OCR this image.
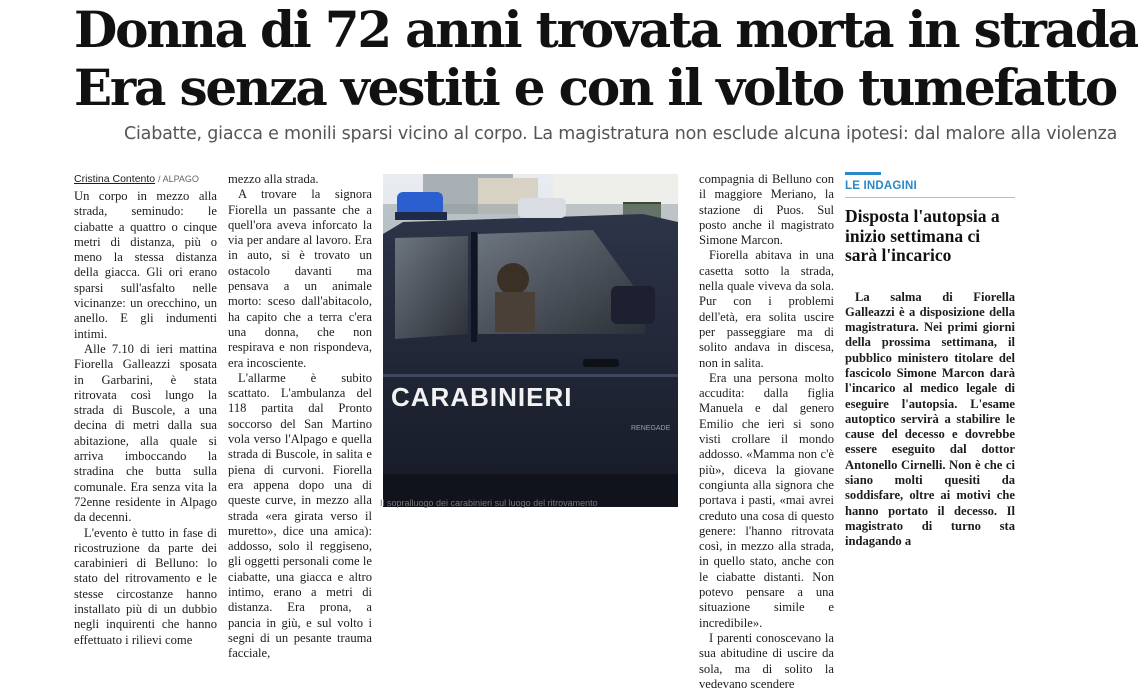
Donna di 72 anni trovata morta in strada
Era senza vestiti e con il volto tumefatto
Ciabatte, giacca e monili sparsi vicino al corpo. La magistratura non esclude alcuna ipotesi: dal malore alla violenza
Cristina Contento / ALPAGO

Un corpo in mezzo alla strada, seminudo: le ciabatte a quattro o cinque metri di distanza, più o meno la stessa distanza della giacca. Gli ori erano sparsi sull'asfalto nelle vicinanze: un orecchino, un anello. E gli indumenti intimi.

Alle 7.10 di ieri mattina Fiorella Galleazzi sposata in Garbarini, è stata ritrovata così lungo la strada di Buscole, a una decina di metri dalla sua abitazione, alla quale si arriva imboccando la stradina che butta sulla comunale. Era senza vita la 72enne residente in Alpago da decenni.

L'evento è tutto in fase di ricostruzione da parte dei carabinieri di Belluno: lo stato del ritrovamento e le stesse circostanze hanno installato più di un dubbio negli inquirenti che hanno effettuato i rilievi come

mezzo alla strada.

A trovare la signora Fiorella un passante che a quell'ora aveva inforcato la via per andare al lavoro. Era in auto, si è trovato un ostacolo davanti ma pensava a un animale morto: sceso dall'abitacolo, ha capito che a terra c'era una donna, che non respirava e non rispondeva, era incosciente.

L'allarme è subito scattato. L'ambulanza del 118 partita dal Pronto soccorso del San Martino vola verso l'Alpago e quella strada di Buscole, in salita e piena di curvoni. Fiorella era appena dopo una di queste curve, in mezzo alla strada «era girata verso il muretto», dice una amica): addosso, solo il reggiseno, gli oggetti personali come le ciabatte, una giacca e altro intimo, erano a metri di distanza. Era prona, a pancia in giù, e sul volto i segni di un pesante trauma facciale,

CARABINIERI
RENEGADE
Il sopralluogo dei carabinieri sul luogo del ritrovamento

compagnia di Belluno con il maggiore Meriano, la stazione di Puos. Sul posto anche il magistrato Simone Marcon.

Fiorella abitava in una casetta sotto la strada, nella quale viveva da sola. Pur con i problemi dell'età, era solita uscire per passeggiare ma di solito andava in discesa, non in salita.

Era una persona molto accudita: dalla figlia Manuela e dal genero Emilio che ieri si sono visti crollare il mondo addosso. «Mamma non c'è più», diceva la giovane congiunta alla signora che portava i pasti, «mai avrei creduto una cosa di questo genere: l'hanno ritrovata così, in mezzo alla strada, in quello stato, anche con le ciabatte distanti. Non potevo pensare a una situazione simile e incredibile».

I parenti conoscevano la sua abitudine di uscire da sola, ma di solito la vedevano scendere

LE INDAGINI
Disposta l'autopsia a inizio settimana ci sarà l'incarico
La salma di Fiorella Galleazzi è a disposizione della magistratura. Nei primi giorni della prossima settimana, il pubblico ministero titolare del fascicolo Simone Marcon darà l'incarico al medico legale di eseguire l'autopsia. L'esame autoptico servirà a stabilire le cause del decesso e dovrebbe essere eseguito dal dottor Antonello Cirnelli. Non è che ci siano molti quesiti da soddisfare, oltre ai motivi che hanno portato il decesso. Il magistrato di turno sta indagando a
